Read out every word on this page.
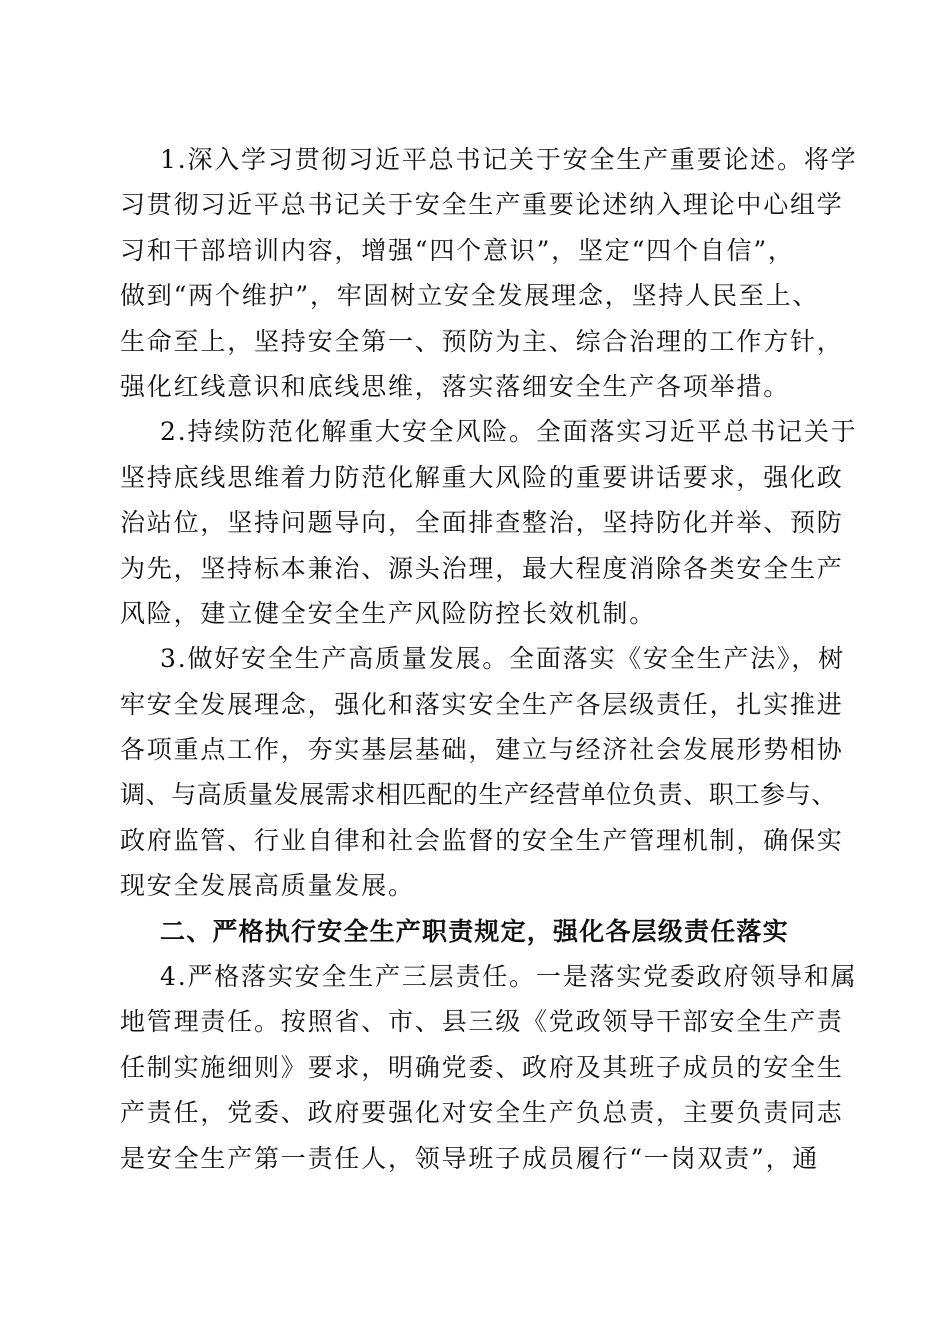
1.深入学习贯彻习近平总书记关于安全生产重要论述。将学
习贯彻习近平总书记关于安全生产重要论述纳入理论中心组学
习和干部培训内容，增强“四个意识”，坚定“四个自信”，
做到“两个维护”，牢固树立安全发展理念，坚持人民至上、
生命至上，坚持安全第一、预防为主、综合治理的工作方针，
强化红线意识和底线思维，落实落细安全生产各项举措。
2.持续防范化解重大安全风险。全面落实习近平总书记关于
坚持底线思维着力防范化解重大风险的重要讲话要求，强化政
治站位，坚持问题导向，全面排查整治，坚持防化并举、预防
为先，坚持标本兼治、源头治理，最大程度消除各类安全生产
风险，建立健全安全生产风险防控长效机制。
3.做好安全生产高质量发展。全面落实《安全生产法》，树
牢安全发展理念，强化和落实安全生产各层级责任，扎实推进
各项重点工作，夯实基层基础，建立与经济社会发展形势相协
调、与高质量发展需求相匹配的生产经营单位负责、职工参与、
政府监管、行业自律和社会监督的安全生产管理机制，确保实
现安全发展高质量发展。
二、严格执行安全生产职责规定，强化各层级责任落实
4.严格落实安全生产三层责任。一是落实党委政府领导和属
地管理责任。按照省、市、县三级《党政领导干部安全生产责
任制实施细则》要求，明确党委、政府及其班子成员的安全生
产责任，党委、政府要强化对安全生产负总责，主要负责同志
是安全生产第一责任人，领导班子成员履行“一岗双责”，通
